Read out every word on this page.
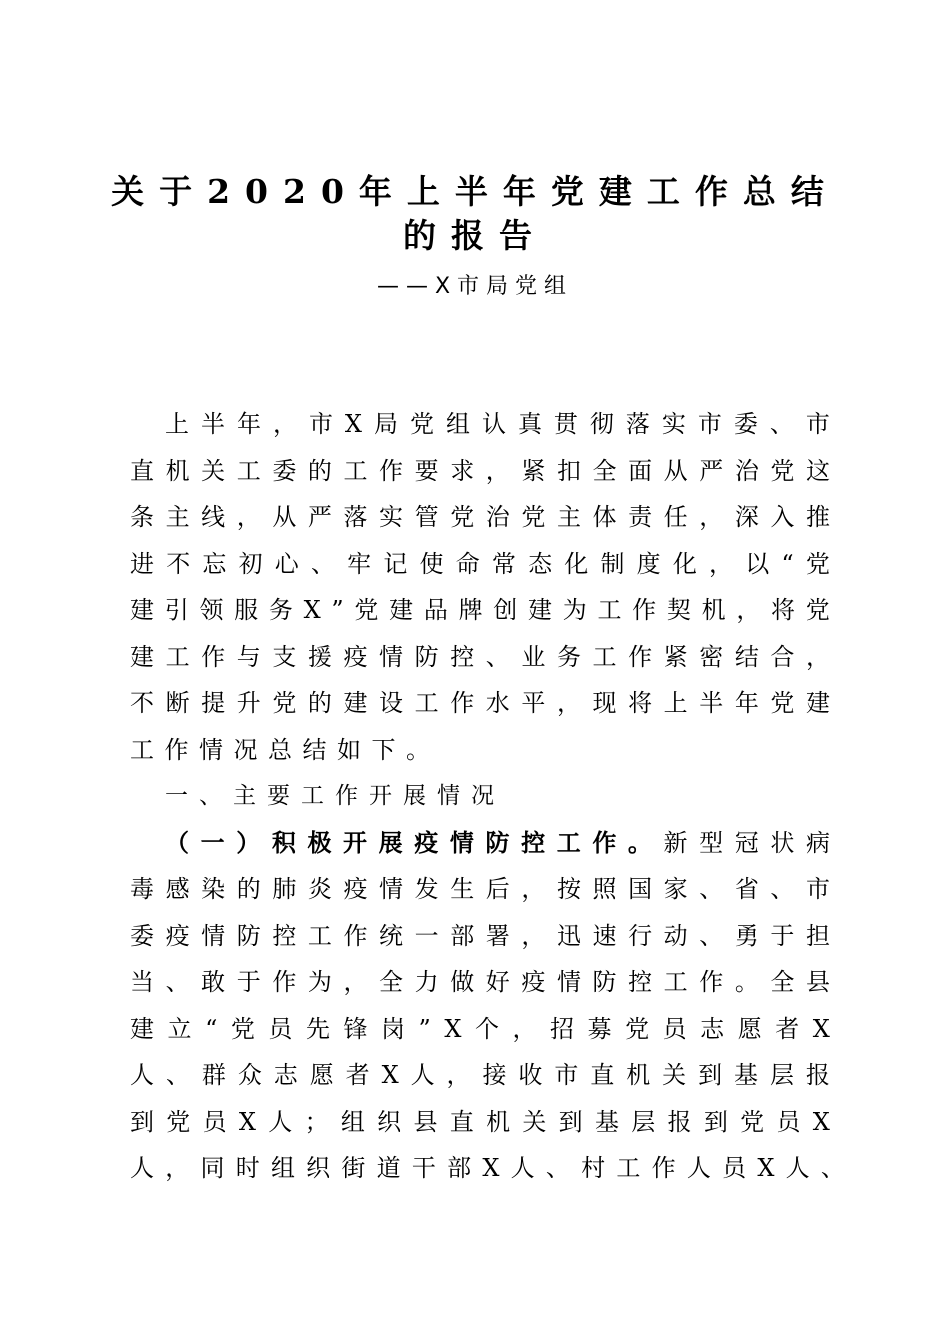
关于2020年上半年党建工作总结
的报告
——X市局党组
上 半 年 ， 市 X 局 党 组 认 真 贯 彻 落 实 市 委 、 市
直 机 关 工 委 的 工 作 要 求 ， 紧 扣 全 面 从 严 治 党 这
条 主 线 ， 从 严 落 实 管 党 治 党 主 体 责 任 ， 深 入 推
进 不 忘 初 心 、 牢 记 使 命 常 态 化 制 度 化 ， 以 “ 党
建 引 领 服 务 X ” 党 建 品 牌 创 建 为 工 作 契 机 ， 将 党
建 工 作 与 支 援 疫 情 防 控 、 业 务 工 作 紧 密 结 合 ，
不 断 提 升 党 的 建 设 工 作 水 平 ， 现 将 上 半 年 党 建
工作情况总结如下。
一、主要工作开展情况
（ 一 ） 积 极 开 展 疫 情 防 控 工 作 。 新 型 冠 状 病
毒 感 染 的 肺 炎 疫 情 发 生 后 ， 按 照 国 家 、 省 、 市
委 疫 情 防 控 工 作 统 一 部 署 ， 迅 速 行 动 、 勇 于 担
当 、 敢 于 作 为 ， 全 力 做 好 疫 情 防 控 工 作 。 全 县
建 立 “ 党 员 先 锋 岗 ” X 个 ， 招 募 党 员 志 愿 者 X
人 、 群 众 志 愿 者 X 人 ， 接 收 市 直 机 关 到 基 层 报
到 党 员 X 人 ； 组 织 县 直 机 关 到 基 层 报 到 党 员 X
人 ， 同 时 组 织 街 道 干 部 X 人 、 村 工 作 人 员 X 人 、
